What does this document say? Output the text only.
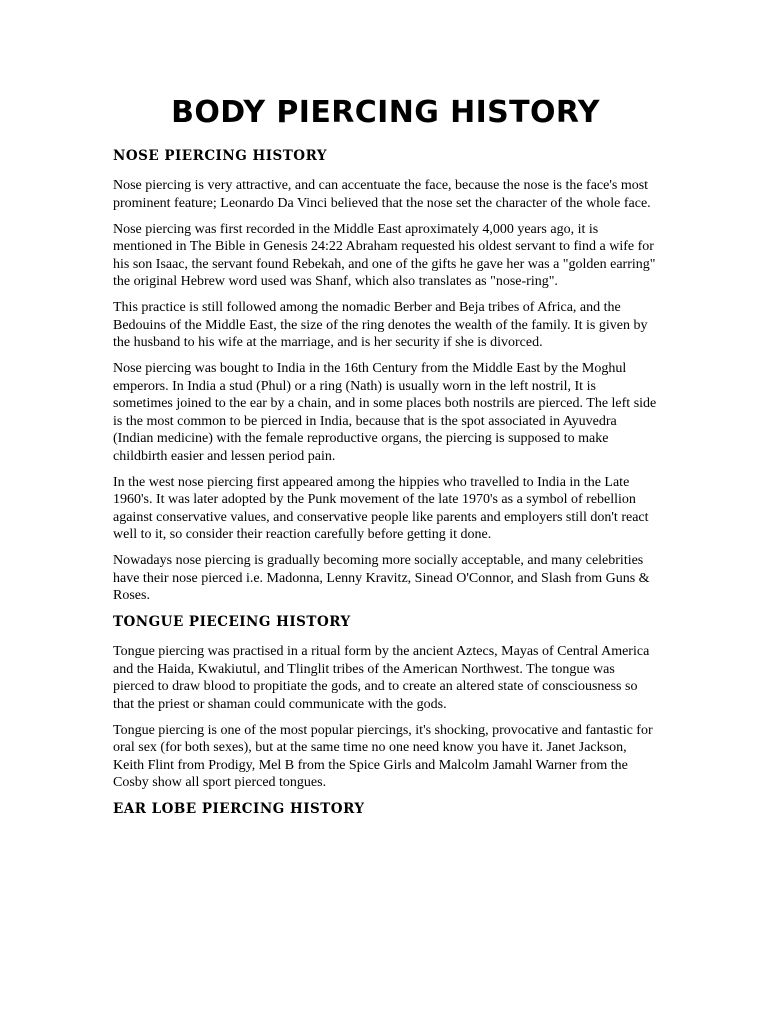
BODY PIERCING HISTORY
NOSE PIERCING HISTORY

Nose piercing is very attractive, and can accentuate the face, because the nose is the face's most prominent feature; Leonardo Da Vinci believed that the nose set the character of the whole face.

Nose piercing was first recorded in the Middle East aproximately 4,000 years ago, it is mentioned in The Bible in Genesis 24:22 Abraham requested his oldest servant to find a wife for his son Isaac, the servant found Rebekah, and one of the gifts he gave her was a "golden earring" the original Hebrew word used was Shanf, which also translates as "nose-ring".

This practice is still followed among the nomadic Berber and Beja tribes of Africa, and the Bedouins of the Middle East, the size of the ring denotes the wealth of the family. It is given by the husband to his wife at the marriage, and is her security if she is divorced.

Nose piercing was bought to India in the 16th Century from the Middle East by the Moghul emperors. In India a stud (Phul) or a ring (Nath) is usually worn in the left nostril, It is sometimes joined to the ear by a chain, and in some places both nostrils are pierced. The left side is the most common to be pierced in India, because that is the spot associated in Ayuvedra (Indian medicine) with the female reproductive organs, the piercing is supposed to make childbirth easier and lessen period pain.

In the west nose piercing first appeared among the hippies who travelled to India in the Late 1960's. It was later adopted by the Punk movement of the late 1970's as a symbol of rebellion against conservative values, and conservative people like parents and employers still don't react well to it, so consider their reaction carefully before getting it done.

Nowadays nose piercing is gradually becoming more socially acceptable, and many celebrities have their nose pierced i.e. Madonna, Lenny Kravitz, Sinead O'Connor, and Slash from Guns & Roses.

TONGUE PIECEING HISTORY

Tongue piercing was practised in a ritual form by the ancient Aztecs, Mayas of Central America and the Haida, Kwakiutul, and Tlinglit tribes of the American Northwest. The tongue was pierced to draw blood to propitiate the gods, and to create an altered state of consciousness so that the priest or shaman could communicate with the gods.

Tongue piercing is one of the most popular piercings, it's shocking, provocative and fantastic for oral sex (for both sexes), but at the same time no one need know you have it. Janet Jackson, Keith Flint from Prodigy, Mel B from the Spice Girls and Malcolm Jamahl Warner from the Cosby show all sport pierced tongues.

EAR LOBE PIERCING HISTORY
